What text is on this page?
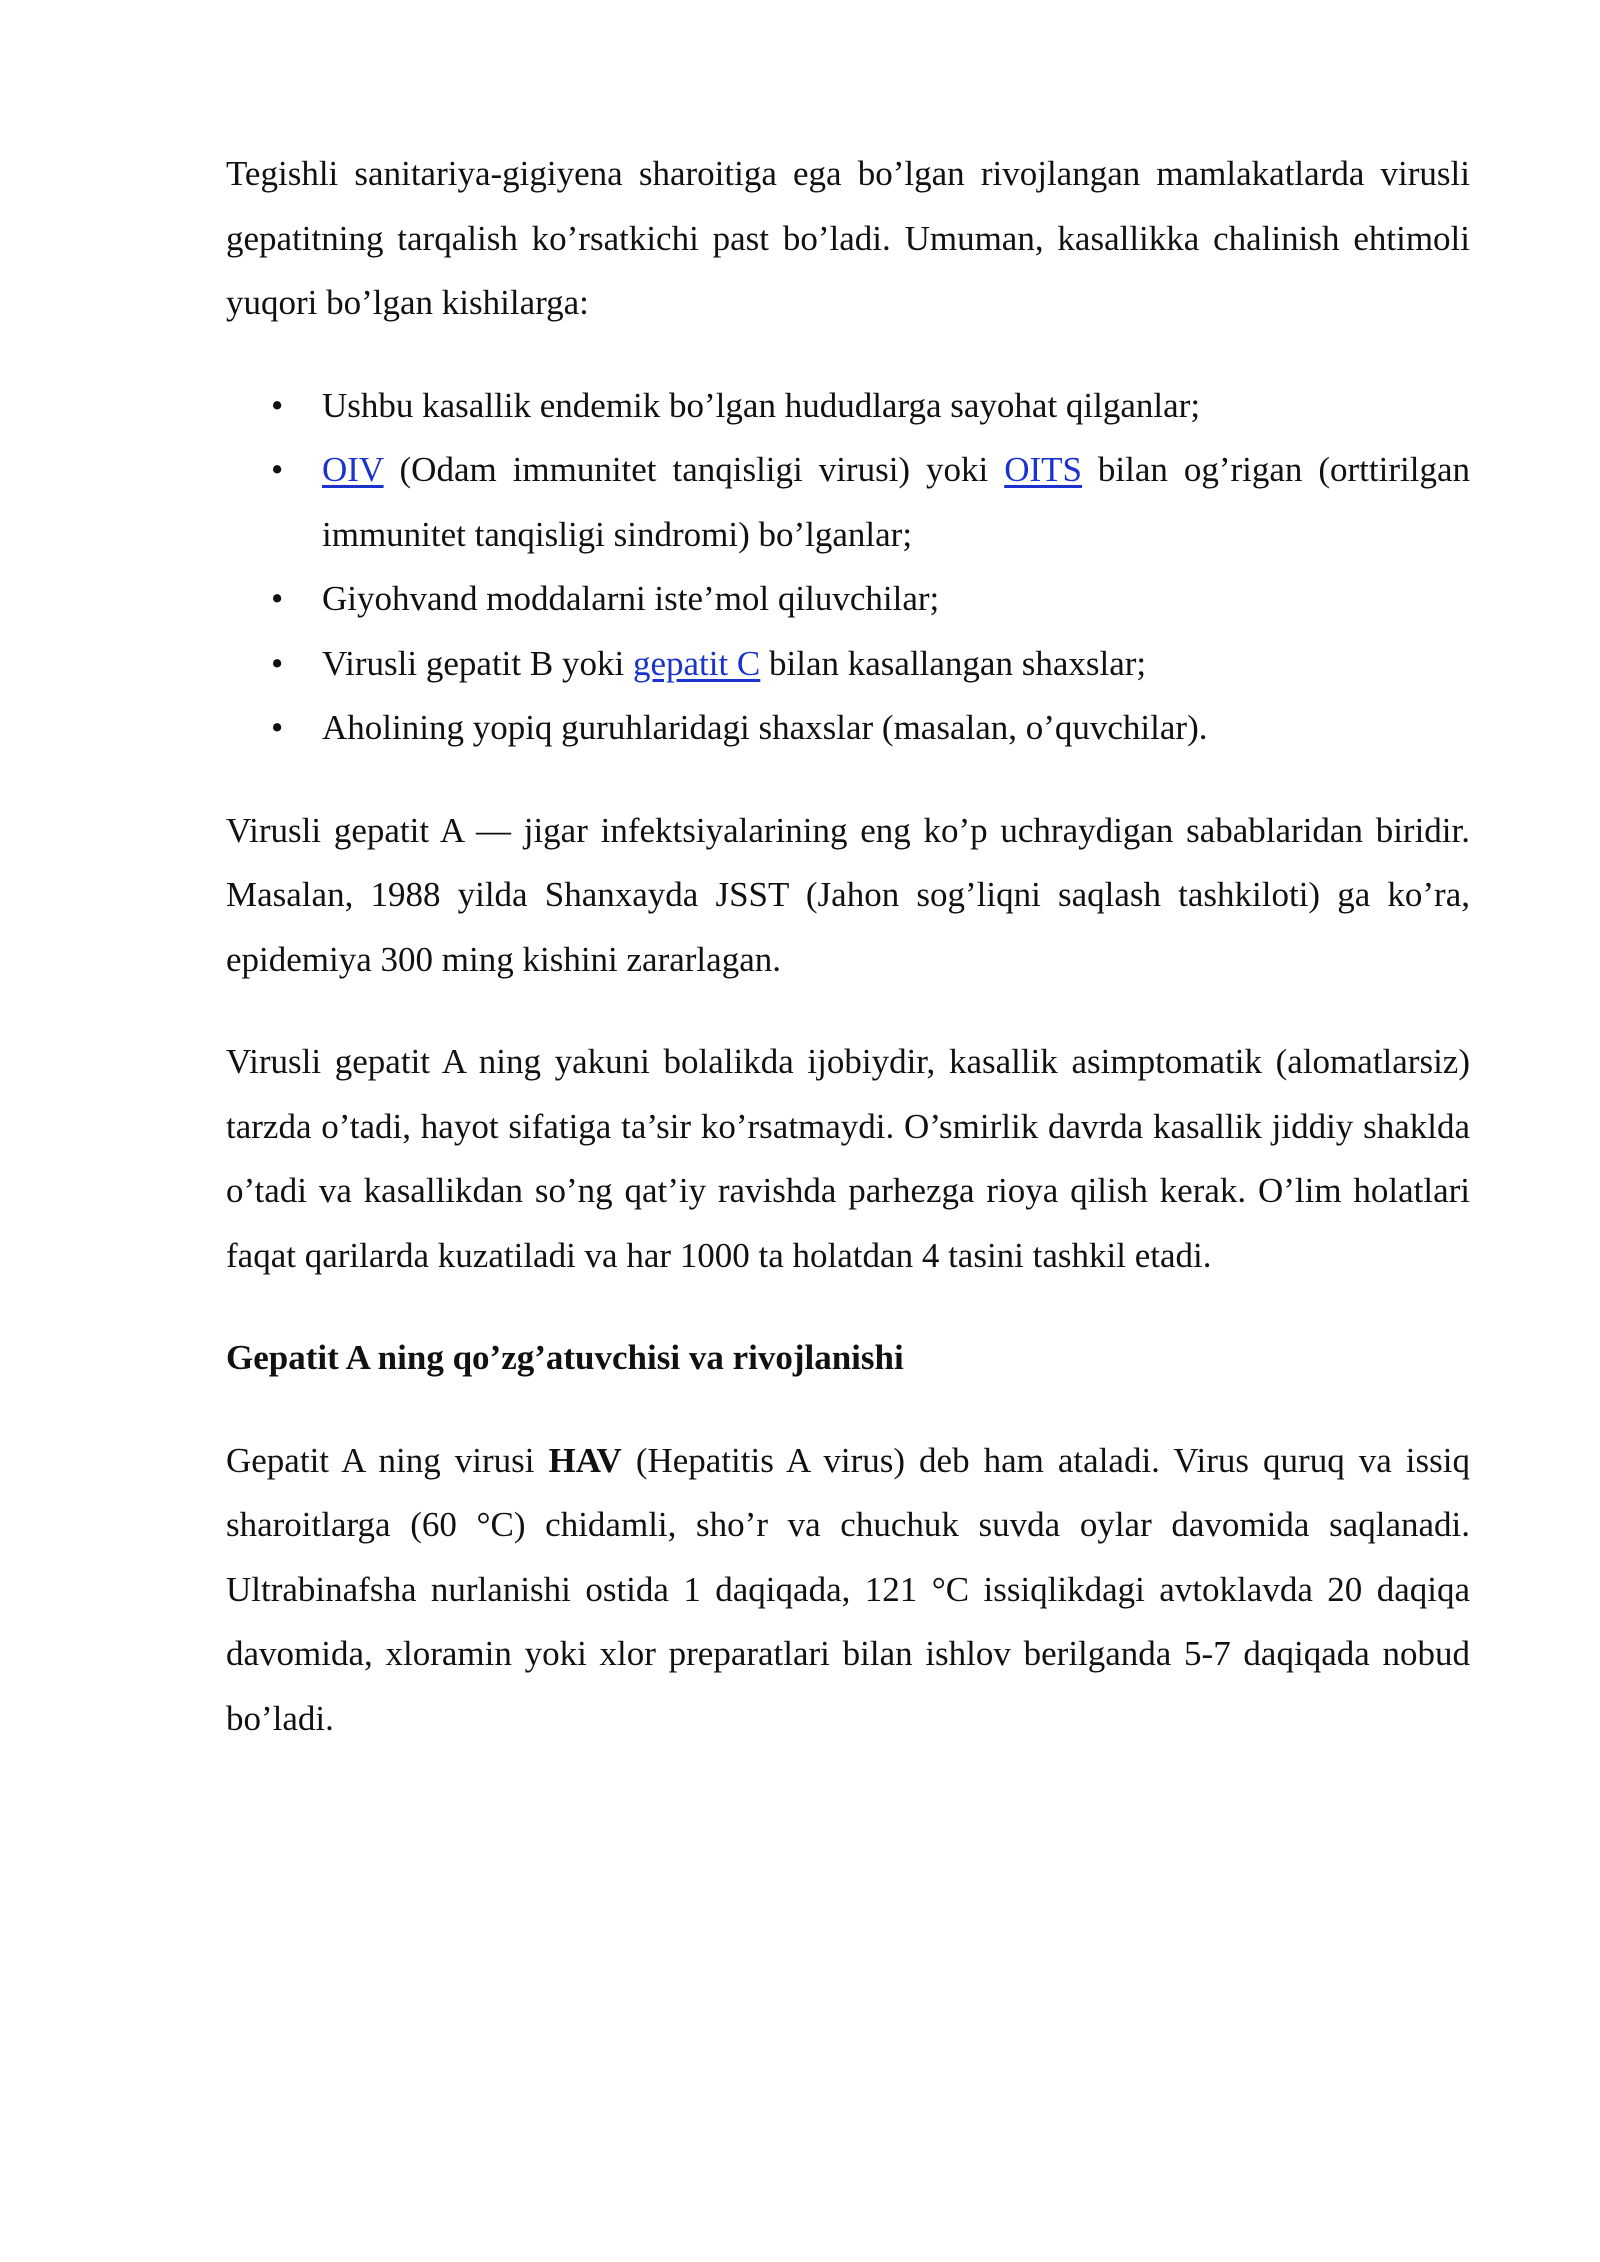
Tegishli sanitariya-gigiyena sharoitiga ega bo’lgan rivojlangan mamlakatlarda virusli gepatitning tarqalish ko’rsatkichi past bo’ladi. Umuman, kasallikka chalinish ehtimoli yuqori bo’lgan kishilarga:

• Ushbu kasallik endemik bo’lgan hududlarga sayohat qilganlar;
• OIV (Odam immunitet tanqisligi virusi) yoki OITS bilan og’rigan (orttirilgan immunitet tanqisligi sindromi) bo’lganlar;
• Giyohvand moddalarni iste’mol qiluvchilar;
• Virusli gepatit B yoki gepatit C bilan kasallangan shaxslar;
• Aholining yopiq guruhlaridagi shaxslar (masalan, o’quvchilar).

Virusli gepatit A — jigar infektsiyalarining eng ko’p uchraydigan sabablaridan biridir. Masalan, 1988 yilda Shanxayda JSST (Jahon sog’liqni saqlash tashkiloti) ga ko’ra, epidemiya 300 ming kishini zararlagan.

Virusli gepatit A ning yakuni bolalikda ijobiydir, kasallik asimptomatik (alomatlarsiz) tarzda o’tadi, hayot sifatiga ta’sir ko’rsatmaydi. O’smirlik davrda kasallik jiddiy shaklda o’tadi va kasallikdan so’ng qat’iy ravishda parhezga rioya qilish kerak. O’lim holatlari faqat qarilarda kuzatiladi va har 1000 ta holatdan 4 tasini tashkil etadi.

Gepatit A ning qo’zg’atuvchisi va rivojlanishi

Gepatit A ning virusi HAV (Hepatitis A virus) deb ham ataladi. Virus quruq va issiq sharoitlarga (60 °C) chidamli, sho’r va chuchuk suvda oylar davomida saqlanadi. Ultrabinafsha nurlanishi ostida 1 daqiqada, 121 °C issiqlikdagi avtoklavda 20 daqiqa davomida, xloramin yoki xlor preparatlari bilan ishlov berilganda 5-7 daqiqada nobud bo’ladi.
